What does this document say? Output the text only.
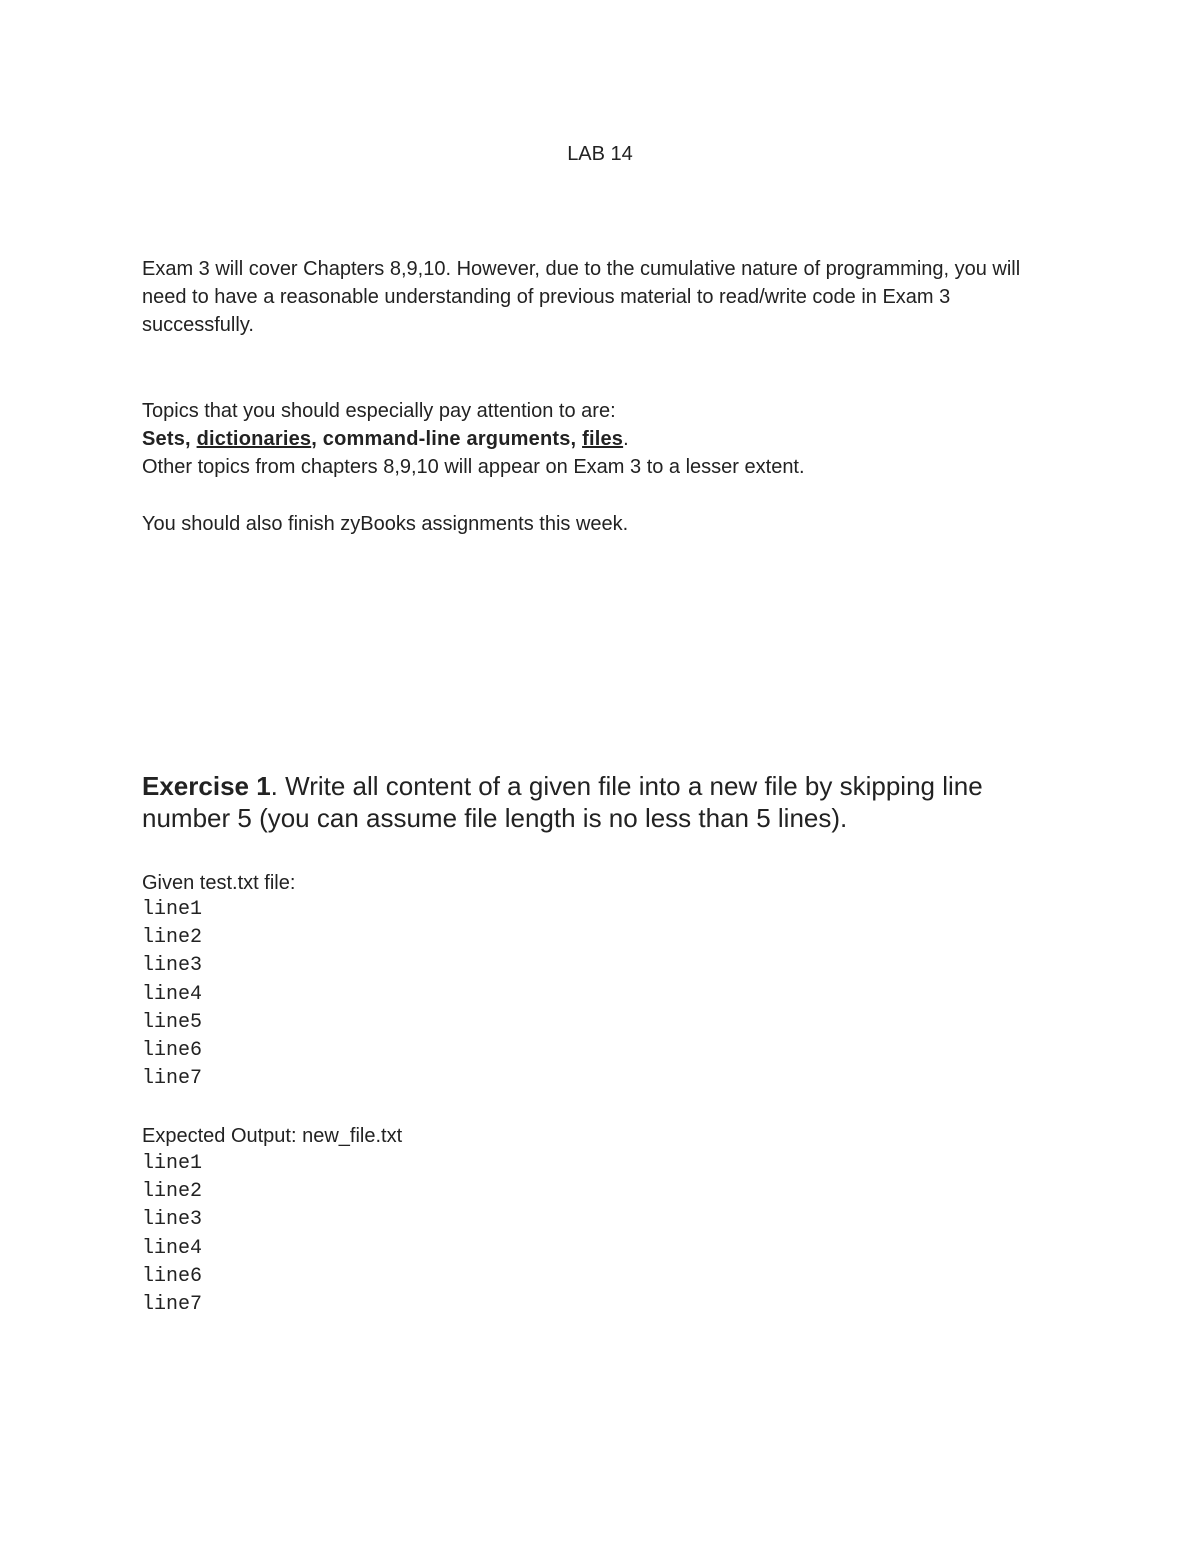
LAB 14

Exam 3 will cover Chapters 8,9,10. However, due to the cumulative nature of programming, you will need to have a reasonable understanding of previous material to read/write code in Exam 3 successfully.

Topics that you should especially pay attention to are:
Sets, dictionaries, command-line arguments, files.
Other topics from chapters 8,9,10 will appear on Exam 3 to a lesser extent.

You should also finish zyBooks assignments this week.

Exercise 1. Write all content of a given file into a new file by skipping line number 5 (you can assume file length is no less than 5 lines).

Given test.txt file:
line1
line2
line3
line4
line5
line6
line7
Expected Output: new_file.txt
line1
line2
line3
line4
line6
line7
